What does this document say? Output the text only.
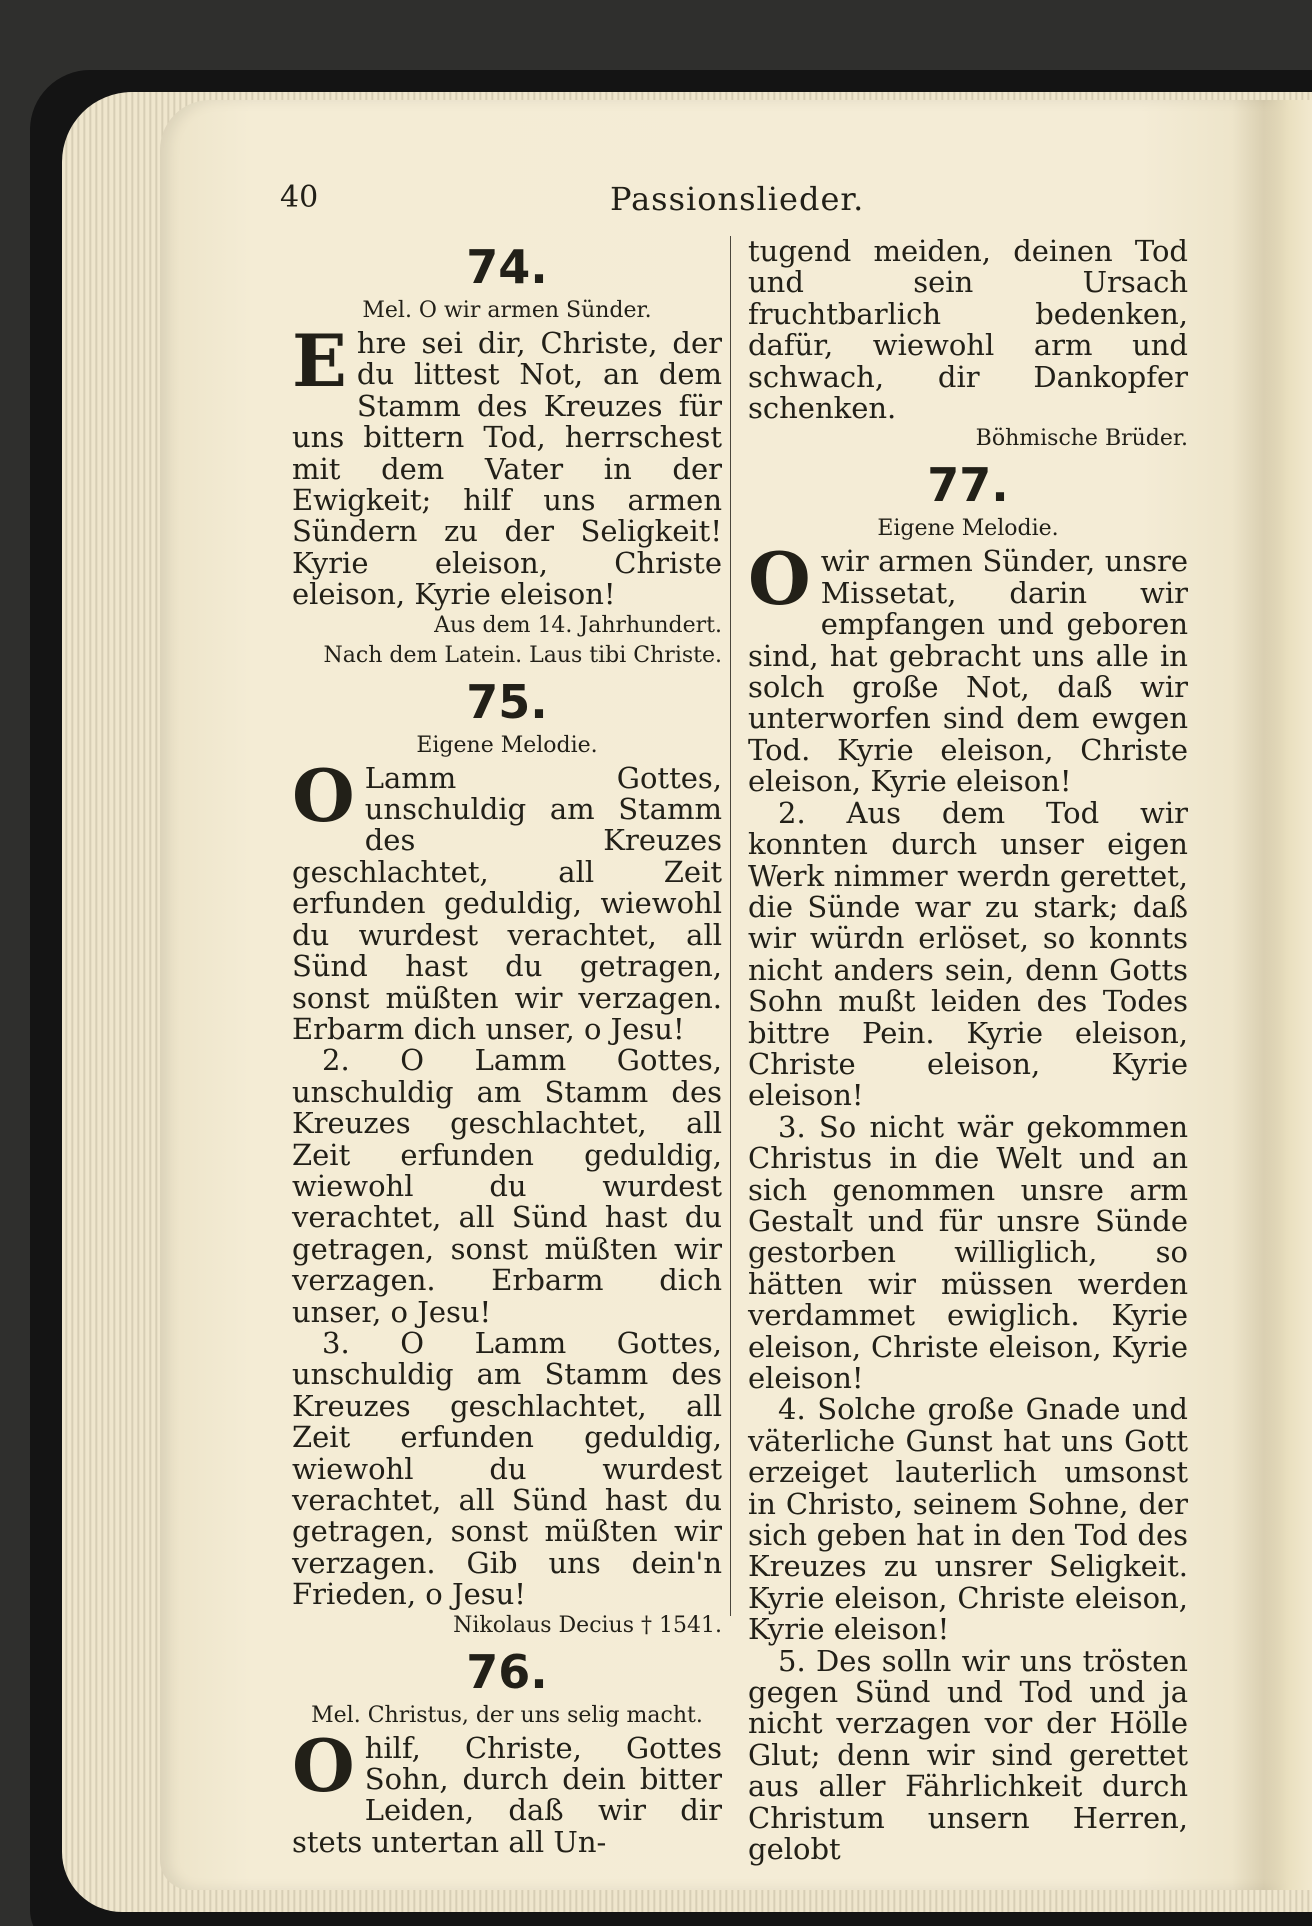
40	Passionslieder.
74.
Mel. O wir armen Sünder.
E hre sei dir, Christe, der du littest Not, an dem Stamm des Kreuzes für uns bittern Tod, herrschest mit dem Vater in der Ewigkeit; hilf uns armen Sündern zu der Seligkeit! Kyrie eleison, Christe eleison, Kyrie eleison!
Aus dem 14. Jahrhundert.
Nach dem Latein. Laus tibi Christe.
75.
Eigene Melodie.
O Lamm Gottes, unschuldig am Stamm des Kreuzes geschlachtet, all Zeit erfunden geduldig, wiewohl du wurdest verachtet, all Sünd hast du getragen, sonst müßten wir verzagen. Erbarm dich unser, o Jesu!
2. O Lamm Gottes, unschuldig am Stamm des Kreuzes geschlachtet, all Zeit erfunden geduldig, wiewohl du wurdest verachtet, all Sünd hast du getragen, sonst müßten wir verzagen. Erbarm dich unser, o Jesu!
3. O Lamm Gottes, unschuldig am Stamm des Kreuzes geschlachtet, all Zeit erfunden geduldig, wiewohl du wurdest verachtet, all Sünd hast du getragen, sonst müßten wir verzagen. Gib uns dein'n Frieden, o Jesu!
Nikolaus Decius † 1541.
76.
Mel. Christus, der uns selig macht.
O hilf, Christe, Gottes Sohn, durch dein bitter Leiden, daß wir dir stets untertan all Un-
tugend meiden, deinen Tod und sein Ursach fruchtbarlich bedenken, dafür, wiewohl arm und schwach, dir Dankopfer schenken.
Böhmische Brüder.
77.
Eigene Melodie.
O wir armen Sünder, unsre Missetat, darin wir empfangen und geboren sind, hat gebracht uns alle in solch große Not, daß wir unterworfen sind dem ewgen Tod. Kyrie eleison, Christe eleison, Kyrie eleison!
2. Aus dem Tod wir konnten durch unser eigen Werk nimmer werdn gerettet, die Sünde war zu stark; daß wir würdn erlöset, so konnts nicht anders sein, denn Gotts Sohn mußt leiden des Todes bittre Pein. Kyrie eleison, Christe eleison, Kyrie eleison!
3. So nicht wär gekommen Christus in die Welt und an sich genommen unsre arm Gestalt und für unsre Sünde gestorben williglich, so hätten wir müssen werden verdammet ewiglich. Kyrie eleison, Christe eleison, Kyrie eleison!
4. Solche große Gnade und väterliche Gunst hat uns Gott erzeiget lauterlich umsonst in Christo, seinem Sohne, der sich geben hat in den Tod des Kreuzes zu unsrer Seligkeit. Kyrie eleison, Christe eleison, Kyrie eleison!
5. Des solln wir uns trösten gegen Sünd und Tod und ja nicht verzagen vor der Hölle Glut; denn wir sind gerettet aus aller Fährlichkeit durch Christum unsern Herren, gelobt
